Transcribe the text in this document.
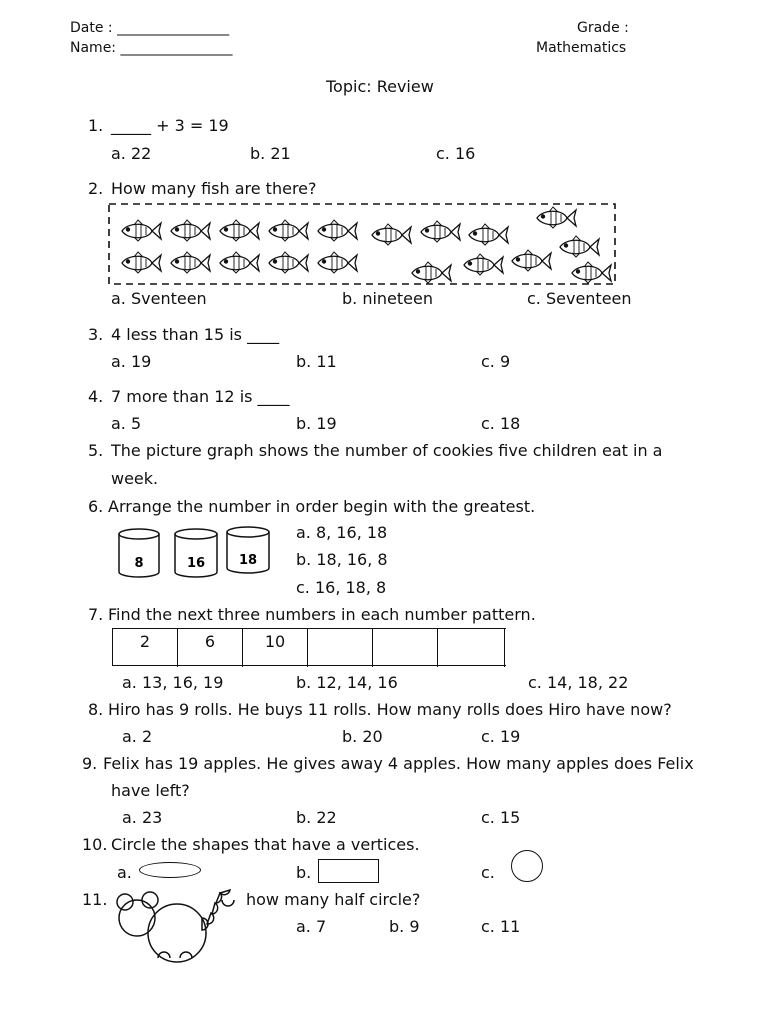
Date : ________________
Name: ________________
Grade :
Mathematics
Topic: Review
1. _____ + 3 = 19
a. 22	b. 21	c. 16
2. How many fish are there?
a. Sventeen	b. nineteen	c. Seventeen
3. 4 less than 15 is ____
a. 19	b. 11	c. 9
4. 7 more than 12 is ____
a. 5	b. 19	c. 18
5. The picture graph shows the number of cookies five children eat in a
week.
6. Arrange the number in order begin with the greatest.
8	16	18
a. 8, 16, 18
b. 18, 16, 8
c. 16, 18, 8
7. Find the next three numbers in each number pattern.
2	6	10
a. 13, 16, 19	b. 12, 14, 16	c. 14, 18, 22
8. Hiro has 9 rolls. He buys 11 rolls. How many rolls does Hiro have now?
a. 2	b. 20	c. 19
9. Felix has 19 apples. He gives away 4 apples. How many apples does Felix
have left?
a. 23	b. 22	c. 15
10. Circle the shapes that have a vertices.
a.	b.	c.
11.	how many half circle?
a. 7	b. 9	c. 11
